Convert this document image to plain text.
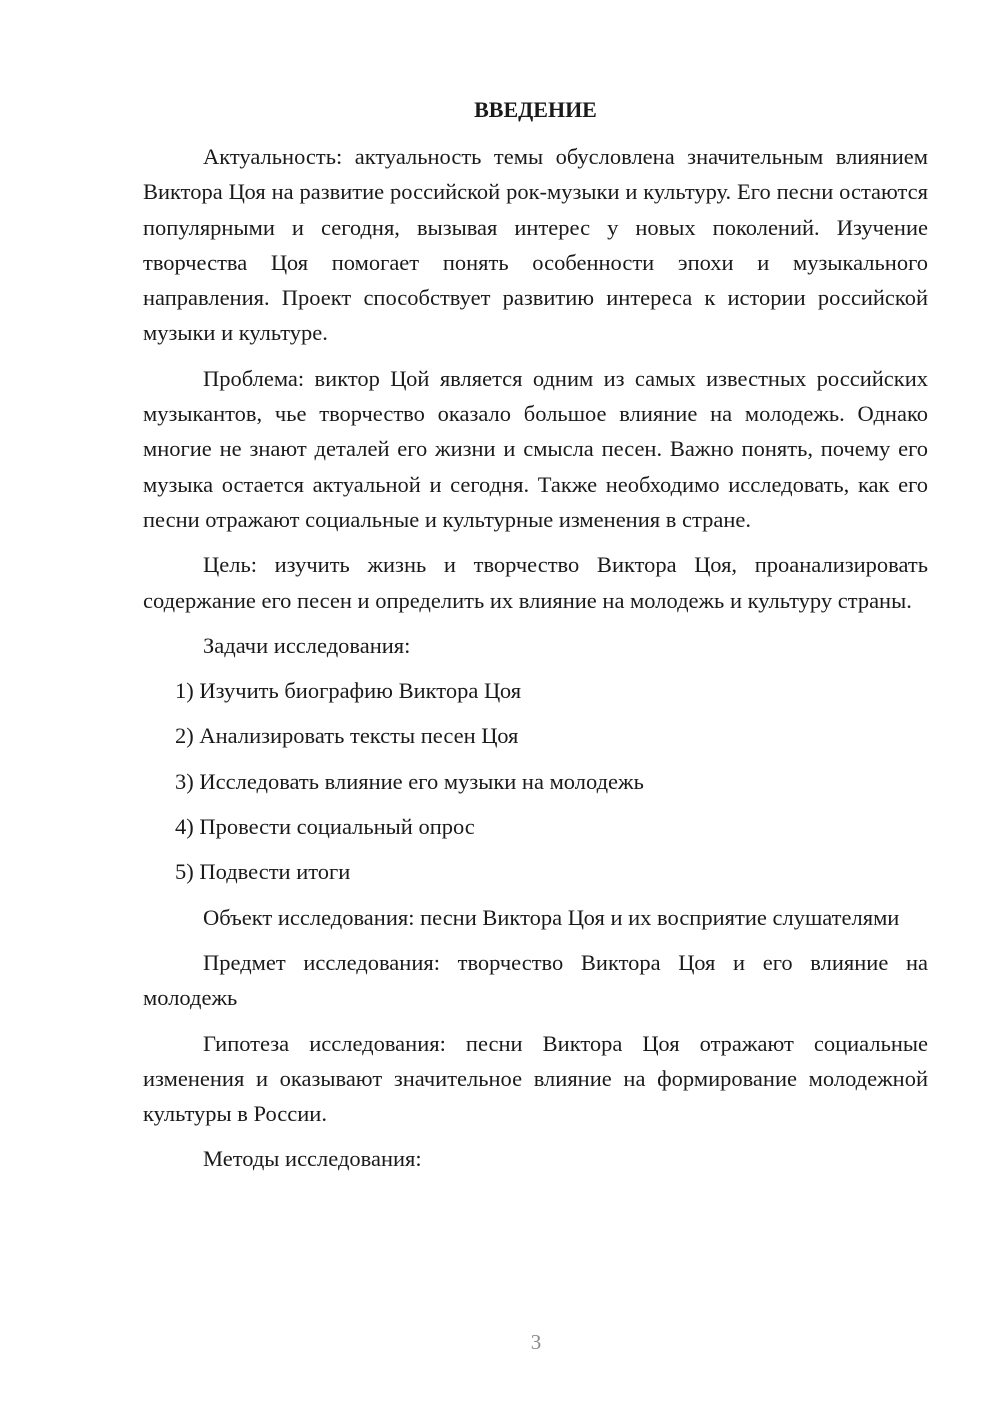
ВВЕДЕНИЕ

Актуальность: актуальность темы обусловлена значительным влиянием Виктора Цоя на развитие российской рок-музыки и культуру. Его песни остаются популярными и сегодня, вызывая интерес у новых поколений. Изучение творчества Цоя помогает понять особенности эпохи и музыкального направления. Проект способствует развитию интереса к истории российской музыки и культуре.

Проблема: виктор Цой является одним из самых известных российских музыкантов, чье творчество оказало большое влияние на молодежь. Однако многие не знают деталей его жизни и смысла песен. Важно понять, почему его музыка остается актуальной и сегодня. Также необходимо исследовать, как его песни отражают социальные и культурные изменения в стране.

Цель: изучить жизнь и творчество Виктора Цоя, проанализировать содержание его песен и определить их влияние на молодежь и культуру страны.

Задачи исследования:

1) Изучить биографию Виктора Цоя
2) Анализировать тексты песен Цоя
3) Исследовать влияние его музыки на молодежь
4) Провести социальный опрос
5) Подвести итоги

Объект исследования: песни Виктора Цоя и их восприятие слушателями

Предмет исследования: творчество Виктора Цоя и его влияние на молодежь

Гипотеза исследования: песни Виктора Цоя отражают социальные изменения и оказывают значительное влияние на формирование молодежной культуры в России.

Методы исследования:

3
